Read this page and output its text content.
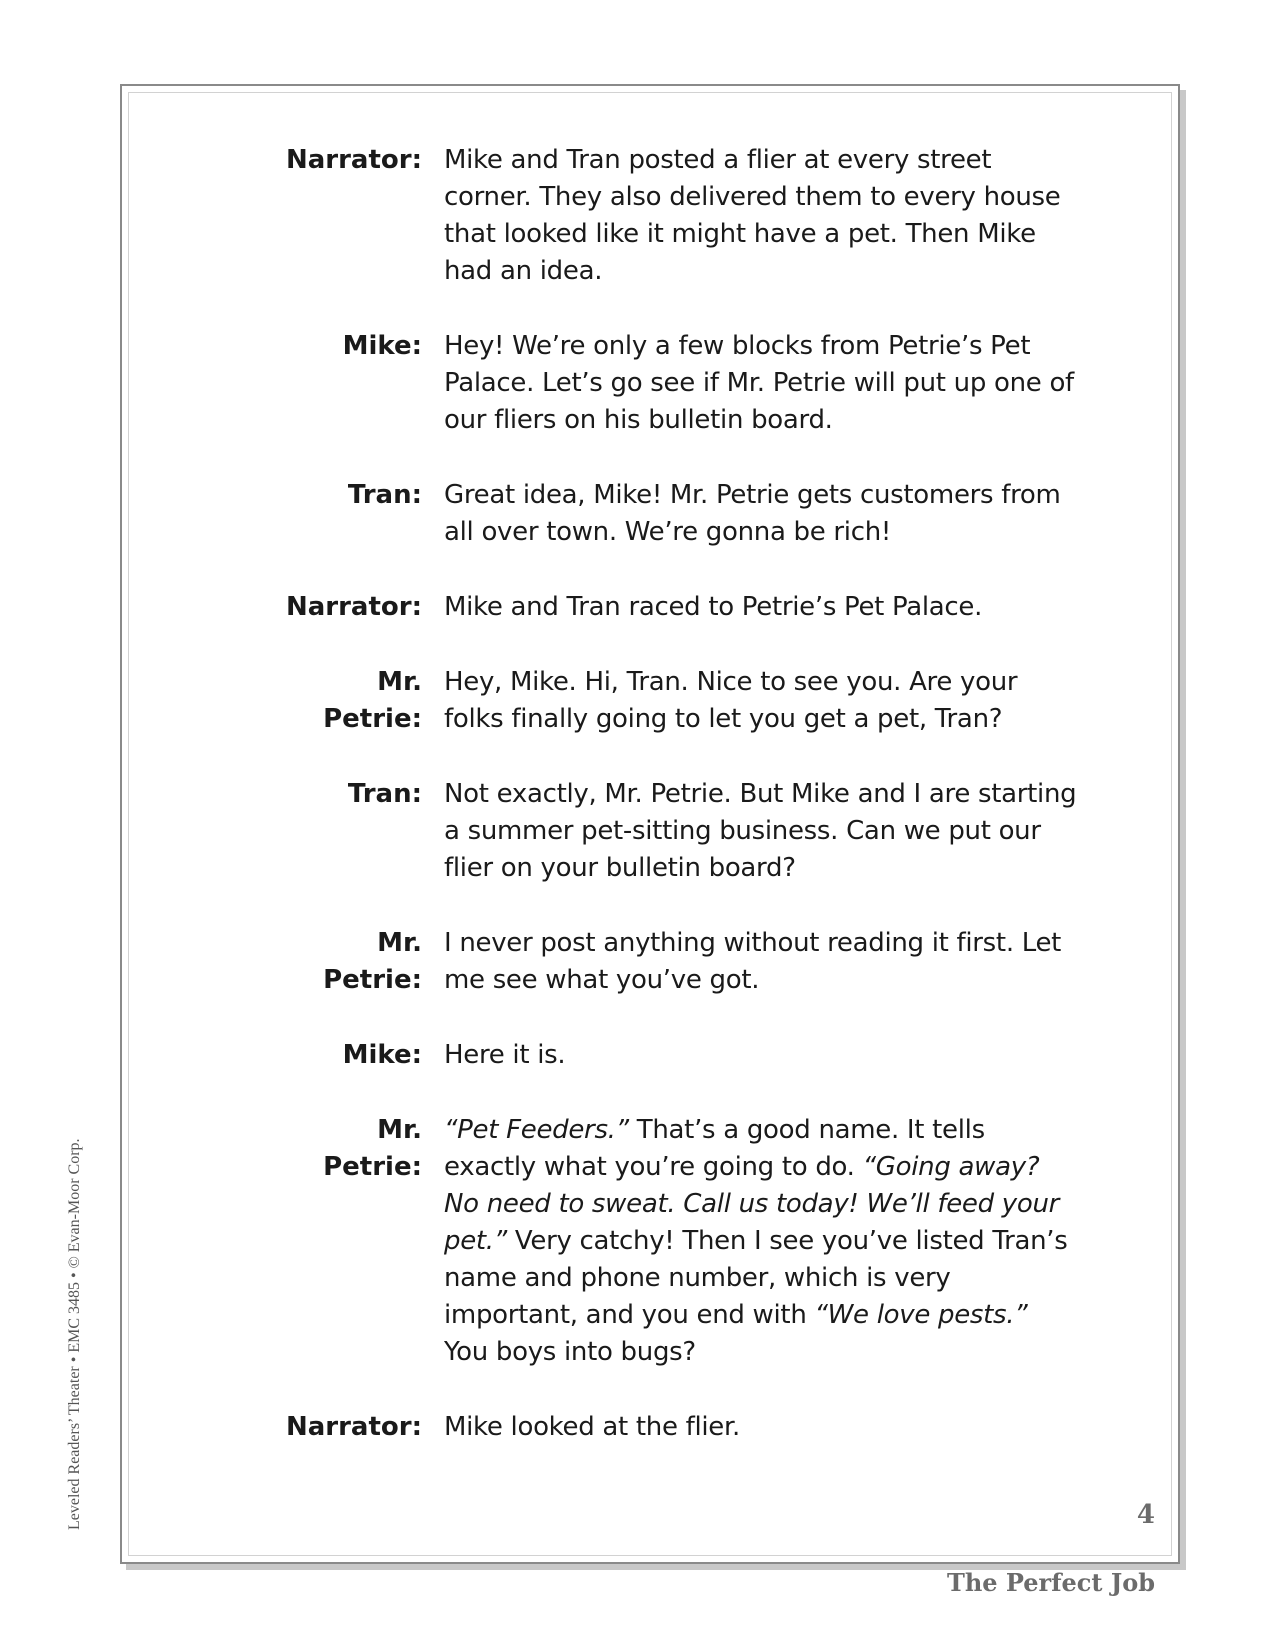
Narrator: Mike and Tran posted a flier at every street corner. They also delivered them to every house that looked like it might have a pet. Then Mike had an idea.
Mike: Hey! We’re only a few blocks from Petrie’s Pet Palace. Let’s go see if Mr. Petrie will put up one of our fliers on his bulletin board.
Tran: Great idea, Mike! Mr. Petrie gets customers from all over town. We’re gonna be rich!
Narrator: Mike and Tran raced to Petrie’s Pet Palace.
Mr. Petrie:
Hey, Mike. Hi, Tran. Nice to see you. Are your folks finally going to let you get a pet, Tran?
Tran: Not exactly, Mr. Petrie. But Mike and I are starting a summer pet-sitting business. Can we put our flier on your bulletin board?
Mr. Petrie:
I never post anything without reading it first. Let me see what you’ve got.
Mike: Here it is.
Mr. Petrie:
“Pet Feeders.” That’s a good name. It tells exactly what you’re going to do. “Going away? No need to sweat. Call us today! We’ll feed your pet.” Very catchy! Then I see you’ve listed Tran’s name and phone number, which is very important, and you end with “We love pests.” You boys into bugs?
Narrator: Mike looked at the flier.
4
The Perfect Job
Leveled Readers’ Theater • EMC 3485 • © Evan-Moor Corp.
